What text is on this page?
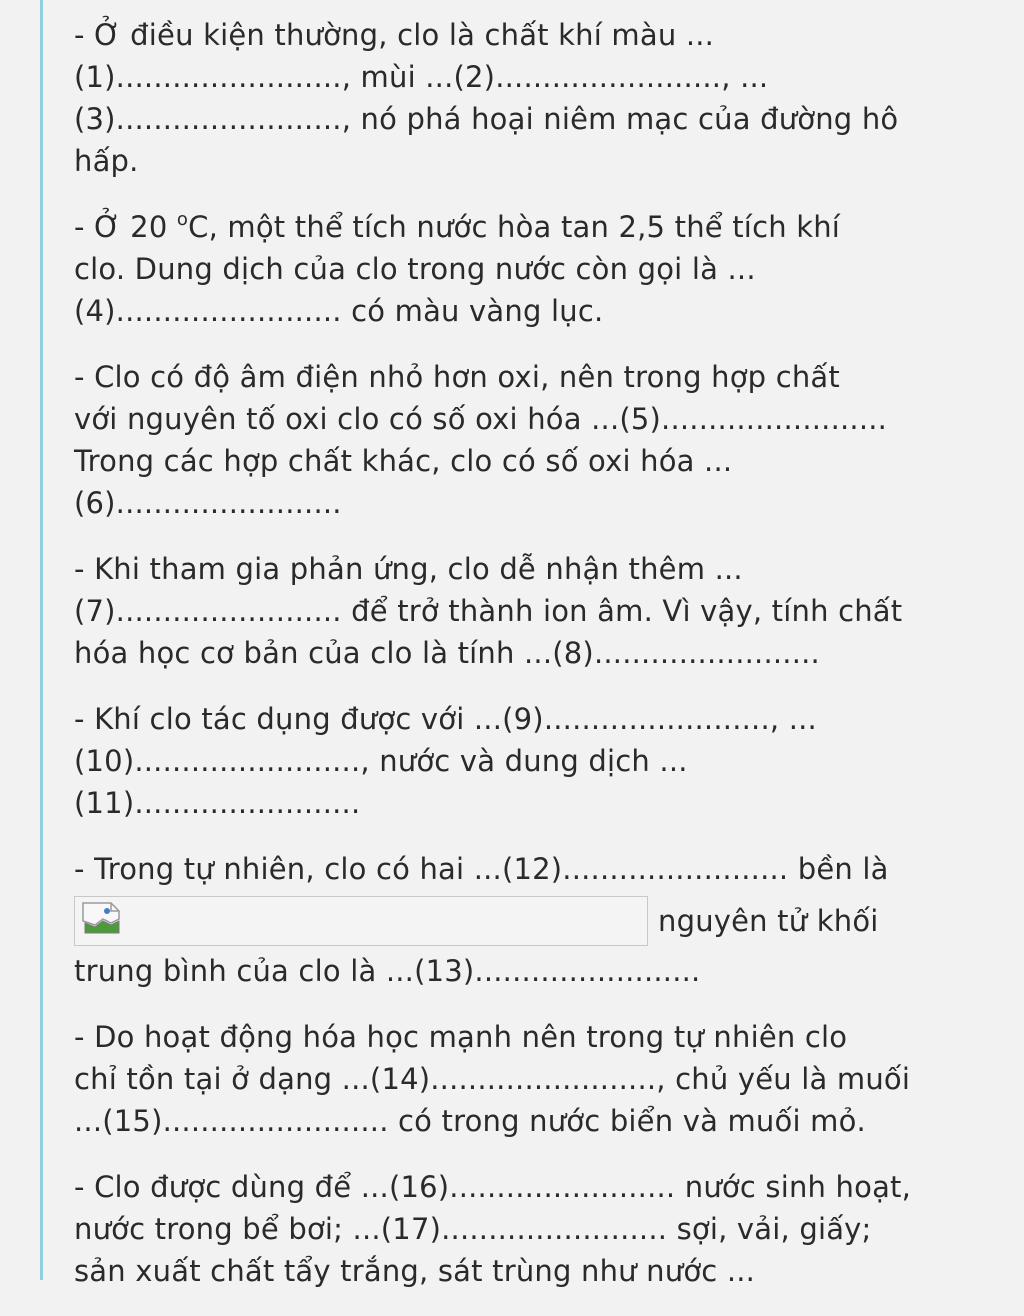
- Ở điều kiện thường, clo là chất khí màu ...
(1)........................, mùi ...(2)........................, ...
(3)........................, nó phá hoại niêm mạc của đường hô
hấp.
- Ở 20 $^o$C, một thể tích nước hòa tan 2,5 thể tích khí
clo. Dung dịch của clo trong nước còn gọi là ...
(4)........................ có màu vàng lục.
- Clo có độ âm điện nhỏ hơn oxi, nên trong hợp chất
với nguyên tố oxi clo có số oxi hóa ...(5)........................
Trong các hợp chất khác, clo có số oxi hóa ...
(6)........................
- Khi tham gia phản ứng, clo dễ nhận thêm ...
(7)........................ để trở thành ion âm. Vì vậy, tính chất
hóa học cơ bản của clo là tính ...(8)........................
- Khí clo tác dụng được với ...(9)........................, ...
(10)........................, nước và dung dịch ...
(11)........................
- Trong tự nhiên, clo có hai ...(12)........................ bền là
nguyên tử khối
trung bình của clo là ...(13)........................
- Do hoạt động hóa học mạnh nên trong tự nhiên clo
chỉ tồn tại ở dạng ...(14)........................, chủ yếu là muối
...(15)........................ có trong nước biển và muối mỏ.
- Clo được dùng để ...(16)........................ nước sinh hoạt,
nước trong bể bơi; ...(17)........................ sợi, vải, giấy;
sản xuất chất tẩy trắng, sát trùng như nước ...
